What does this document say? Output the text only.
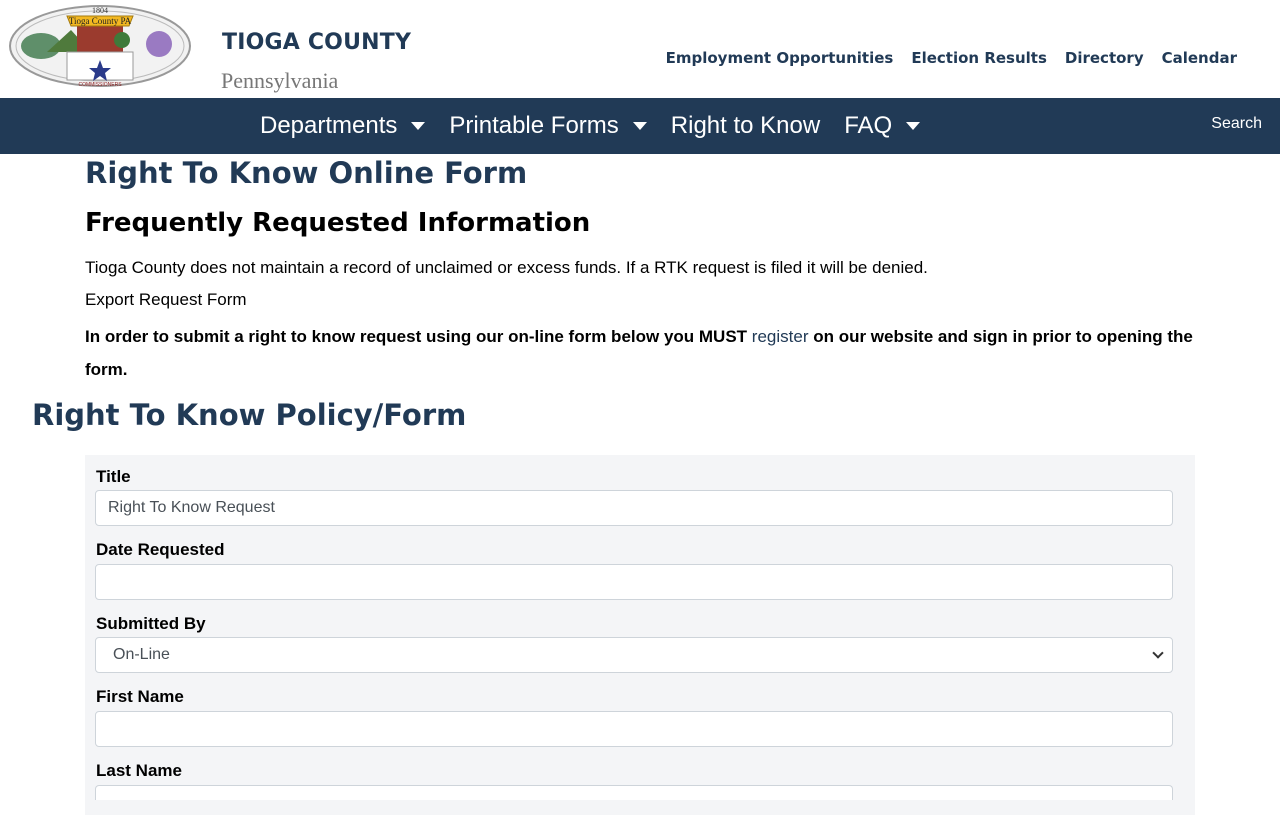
Tioga County PA
1804
COMMISSIONERS
TIOGA COUNTY
Pennsylvania
Employment Opportunities Election Results Directory Calendar
Departments Printable Forms Right to Know FAQ	Search
Right To Know Online Form
Frequently Requested Information
Tioga County does not maintain a record of unclaimed or excess funds. If a RTK request is filed it will be denied.
Export Request Form
In order to submit a right to know request using our on-line form below you MUST register on our website and sign in prior to opening the form.
Right To Know Policy/Form
Title
Right To Know Request
Date Requested
Submitted By
On-Line
First Name
Last Name
